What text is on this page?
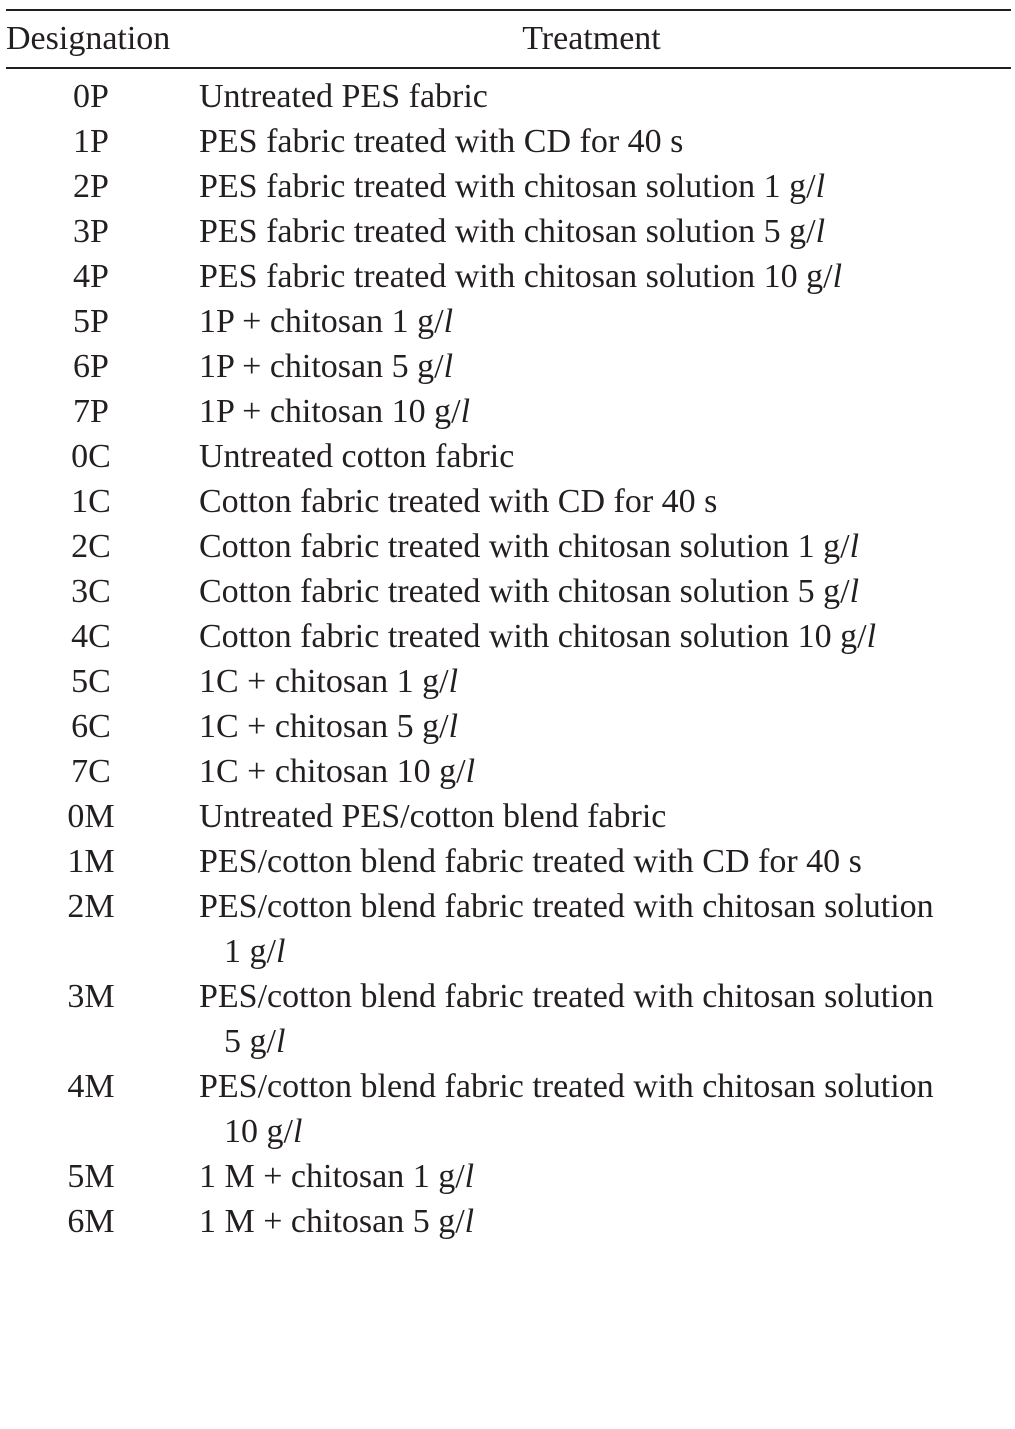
Designation	Treatment
0P	Untreated PES fabric
1P	PES fabric treated with CD for 40 s
2P	PES fabric treated with chitosan solution 1 g/l
3P	PES fabric treated with chitosan solution 5 g/l
4P	PES fabric treated with chitosan solution 10 g/l
5P	1P + chitosan 1 g/l
6P	1P + chitosan 5 g/l
7P	1P + chitosan 10 g/l
0C	Untreated cotton fabric
1C	Cotton fabric treated with CD for 40 s
2C	Cotton fabric treated with chitosan solution 1 g/l
3C	Cotton fabric treated with chitosan solution 5 g/l
4C	Cotton fabric treated with chitosan solution 10 g/l
5C	1C + chitosan 1 g/l
6C	1C + chitosan 5 g/l
7C	1C + chitosan 10 g/l
0M	Untreated PES/cotton blend fabric
1M	PES/cotton blend fabric treated with CD for 40 s
2M	PES/cotton blend fabric treated with chitosan solution
1 g/l
3M	PES/cotton blend fabric treated with chitosan solution
5 g/l
4M	PES/cotton blend fabric treated with chitosan solution
10 g/l
5M	1 M + chitosan 1 g/l
6M	1 M + chitosan 5 g/l
